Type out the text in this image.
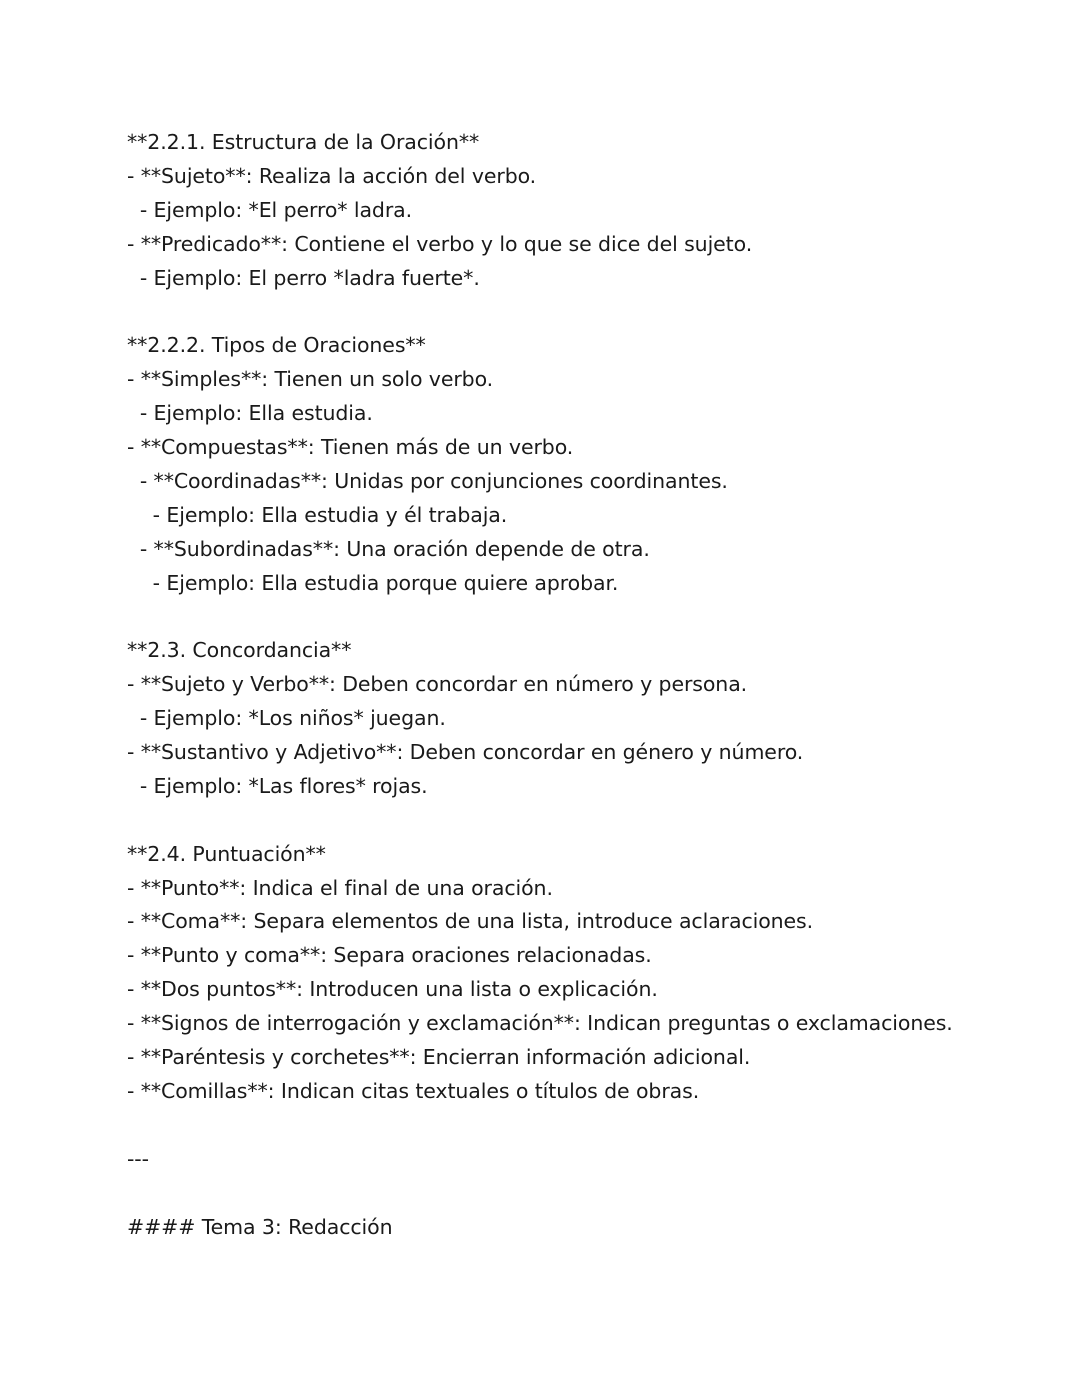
**2.2.1. Estructura de la Oración**
- **Sujeto**: Realiza la acción del verbo.
- Ejemplo: *El perro* ladra.
- **Predicado**: Contiene el verbo y lo que se dice del sujeto.
- Ejemplo: El perro *ladra fuerte*.
**2.2.2. Tipos de Oraciones**
- **Simples**: Tienen un solo verbo.
- Ejemplo: Ella estudia.
- **Compuestas**: Tienen más de un verbo.
- **Coordinadas**: Unidas por conjunciones coordinantes.
- Ejemplo: Ella estudia y él trabaja.
- **Subordinadas**: Una oración depende de otra.
- Ejemplo: Ella estudia porque quiere aprobar.
**2.3. Concordancia**
- **Sujeto y Verbo**: Deben concordar en número y persona.
- Ejemplo: *Los niños* juegan.
- **Sustantivo y Adjetivo**: Deben concordar en género y número.
- Ejemplo: *Las flores* rojas.
**2.4. Puntuación**
- **Punto**: Indica el final de una oración.
- **Coma**: Separa elementos de una lista, introduce aclaraciones.
- **Punto y coma**: Separa oraciones relacionadas.
- **Dos puntos**: Introducen una lista o explicación.
- **Signos de interrogación y exclamación**: Indican preguntas o exclamaciones.
- **Paréntesis y corchetes**: Encierran información adicional.
- **Comillas**: Indican citas textuales o títulos de obras.
---
#### Tema 3: Redacción
